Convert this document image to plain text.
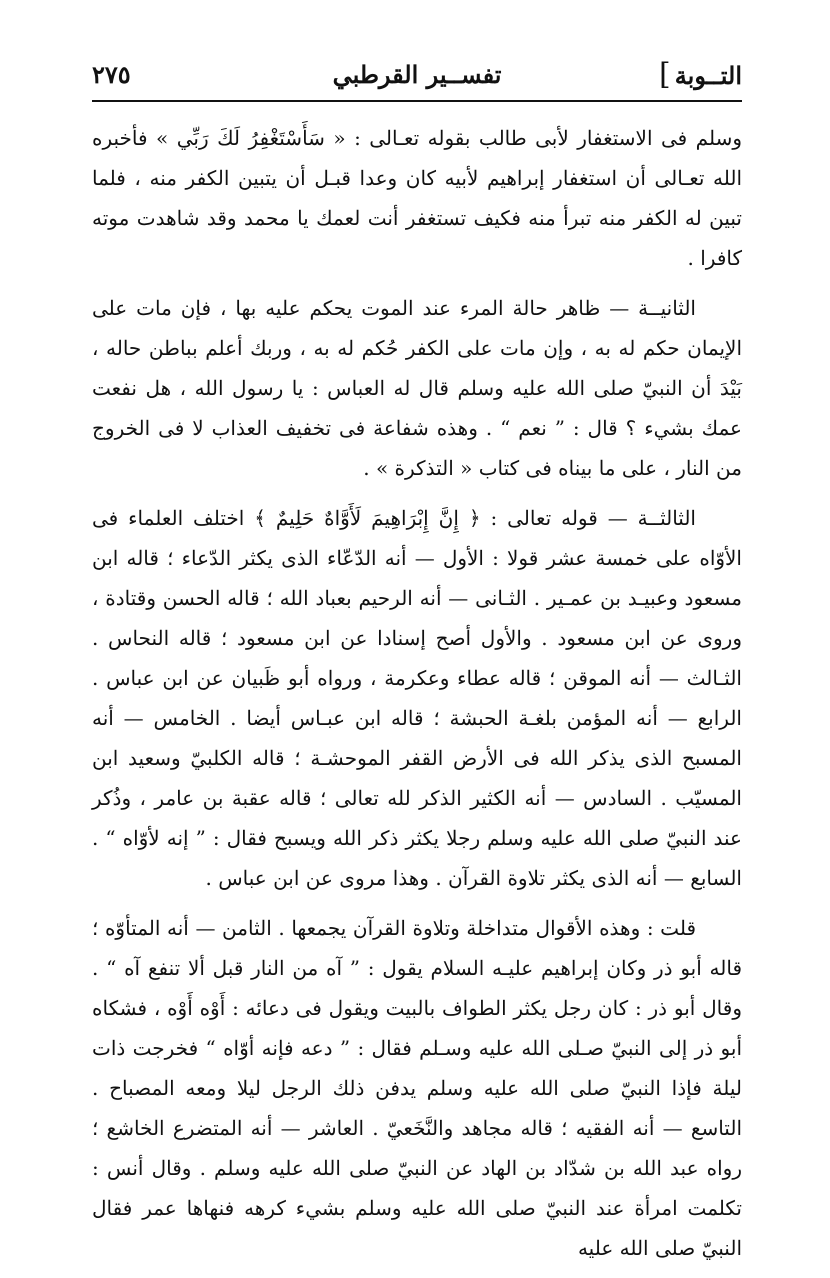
التــوبة
]
تفســير القرطبي
٢٧٥

وسلم فى الاستغفار لأبى طالب بقوله تعـالى : « سَأَسْتَغْفِرُ لَكَ رَبِّي » فأخبره الله تعـالى أن استغفار إبراهيم لأبيه كان وعدا قبـل أن يتبين الكفر منه ، فلما تبين له الكفر منه تبرأ منه فكيف تستغفر أنت لعمك يا محمد وقد شاهدت موته كافرا .

الثانيــة — ظاهر حالة المرء عند الموت يحكم عليه بها ، فإن مات على الإيمان حكم له به ، وإن مات على الكفر حُكم له به ، وربك أعلم بباطن حاله ، بَيْدَ أن النبيّ صلى الله عليه وسلم قال له العباس : يا رسول الله ، هل نفعت عمك بشيء ؟ قال : ” نعم “ . وهذه شفاعة فى تخفيف العذاب لا فى الخروج من النار ، على ما بيناه فى كتاب « التذكرة » .

الثالثــة — قوله تعالى : ﴿ إِنَّ إِبْرَاهِيمَ لَأَوَّاهٌ حَلِيمٌ ﴾ اختلف العلماء فى الأوّاه على خمسة عشر قولا : الأول — أنه الدّعّاء الذى يكثر الدّعاء ؛ قاله ابن مسعود وعبيـد بن عمـير . الثـانى — أنه الرحيم بعباد الله ؛ قاله الحسن وقتادة ، وروى عن ابن مسعود . والأول أصح إسنادا عن ابن مسعود ؛ قاله النحاس . الثـالث — أنه الموقن ؛ قاله عطاء وعكرمة ، ورواه أبو ظَبيان عن ابن عباس . الرابع — أنه المؤمن بلغـة الحبشة ؛ قاله ابن عبـاس أيضا . الخامس — أنه المسبح الذى يذكر الله فى الأرض القفر الموحشـة ؛ قاله الكلبيّ وسعيد ابن المسيّب . السادس — أنه الكثير الذكر لله تعالى ؛ قاله عقبة بن عامر ، وذُكر عند النبيّ صلى الله عليه وسلم رجلا يكثر ذكر الله ويسبح فقال : ” إنه لأوّاه “ . السابع — أنه الذى يكثر تلاوة القرآن . وهذا مروى عن ابن عباس .

قلت : وهذه الأقوال متداخلة وتلاوة القرآن يجمعها . الثامن — أنه المتأوّه ؛ قاله أبو ذر وكان إبراهيم عليـه السلام يقول : ” آه من النار قبل ألا تنفع آه “ . وقال أبو ذر : كان رجل يكثر الطواف بالبيت ويقول فى دعائه : أَوْه أَوْه ، فشكاه أبو ذر إلى النبيّ صـلى الله عليه وسـلم فقال : ” دعه فإنه أوّاه “ فخرجت ذات ليلة فإذا النبيّ صلى الله عليه وسلم يدفن ذلك الرجل ليلا ومعه المصباح . التاسع — أنه الفقيه ؛ قاله مجاهد والنَّخَعيّ . العاشر — أنه المتضرع الخاشع ؛ رواه عبد الله بن شدّاد بن الهاد عن النبيّ صلى الله عليه وسلم . وقال أنس : تكلمت امرأة عند النبيّ صلى الله عليه وسلم بشيء كرهه فنهاها عمر فقال النبيّ صلى الله عليه
